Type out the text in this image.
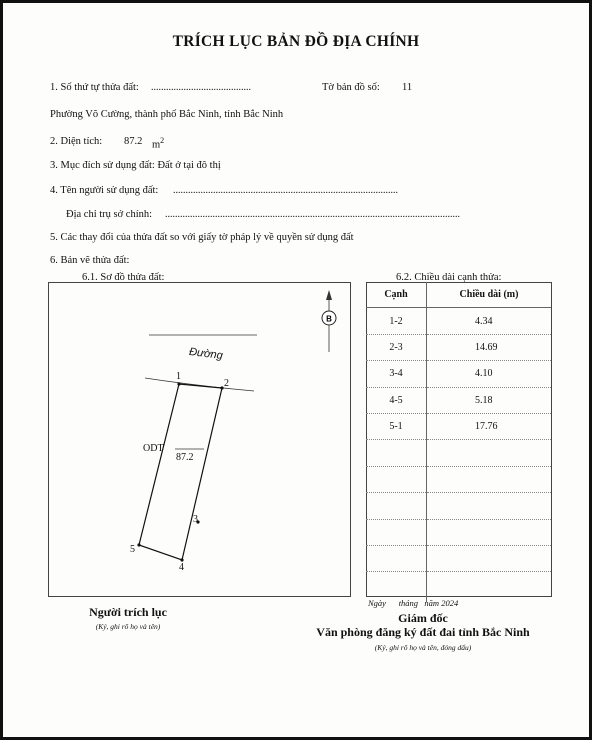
TRÍCH LỤC BẢN ĐỒ ĐỊA CHÍNH
1. Số thứ tự thửa đất: ........................................	Tờ bản đồ số: 11
Phường Võ Cường, thành phố Bắc Ninh, tỉnh Bắc Ninh
2. Diện tích: 87.2 $m^2$
3. Mục đích sử dụng đất: Đất ở tại đô thị
4. Tên người sử dụng đất: ..........................................................................................
Địa chỉ trụ sở chính: ......................................................................................................................
5. Các thay đổi của thửa đất so với giấy tờ pháp lý về quyền sử dụng đất
6. Bản vẽ thửa đất:
6.1. Sơ đồ thửa đất:	6.2. Chiều dài cạnh thửa:
B
Đường
ODT
87.2
1
2
3
4
5
Cạnh	Chiều dài (m)
1-2	4.34
2-3	14.69
3-4	4.10
4-5	5.18
5-1	17.76

Người trích lục
(Ký, ghi rõ họ và tên)
Ngày      tháng   năm 2024
Giám đốc
Văn phòng đăng ký đất đai tỉnh Bắc Ninh
(Ký, ghi rõ họ và tên, đóng dấu)
